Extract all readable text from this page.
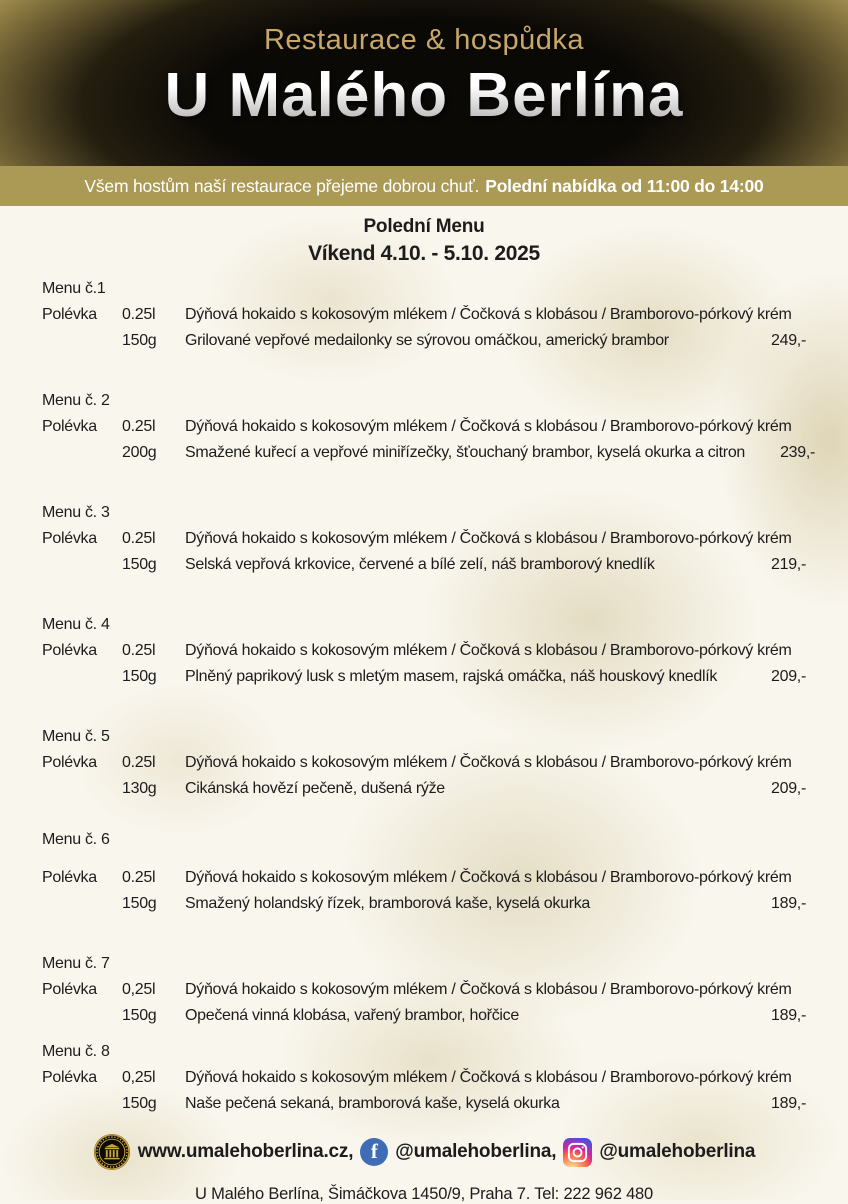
Restaurace & hospůdka
U Malého Berlína
Všem hostům naší restaurace přejeme dobrou chuť. Polední nabídka od 11:00 do 14:00
Polední Menu
Víkend 4.10. - 5.10. 2025
Menu č.1
Polévka	0.25l	Dýňová hokaido s kokosovým mlékem / Čočková s klobásou / Bramborovo-pórkový krém
150g	Grilované vepřové medailonky se sýrovou omáčkou, americký brambor	249,-
Menu č. 2
Polévka	0.25l	Dýňová hokaido s kokosovým mlékem / Čočková s klobásou / Bramborovo-pórkový krém
200g	Smažené kuřecí a vepřové miniřízečky, šťouchaný brambor, kyselá okurka a citron	239,-
Menu č. 3
Polévka	0.25l	Dýňová hokaido s kokosovým mlékem / Čočková s klobásou / Bramborovo-pórkový krém
150g	Selská vepřová krkovice, červené a bílé zelí, náš bramborový knedlík	219,-
Menu č. 4
Polévka	0.25l	Dýňová hokaido s kokosovým mlékem / Čočková s klobásou / Bramborovo-pórkový krém
150g	Plněný paprikový lusk s mletým masem, rajská omáčka, náš houskový knedlík	209,-
Menu č. 5
Polévka	0.25l	Dýňová hokaido s kokosovým mlékem / Čočková s klobásou / Bramborovo-pórkový krém
130g	Cikánská hovězí pečeně, dušená rýže	209,-
Menu č. 6
Polévka	0.25l	Dýňová hokaido s kokosovým mlékem / Čočková s klobásou / Bramborovo-pórkový krém
150g	Smažený holandský řízek, bramborová kaše, kyselá okurka	189,-
Menu č. 7
Polévka	0,25l	Dýňová hokaido s kokosovým mlékem / Čočková s klobásou / Bramborovo-pórkový krém
150g	Opečená vinná klobása, vařený brambor, hořčice	189,-
Menu č. 8
Polévka	0,25l	Dýňová hokaido s kokosovým mlékem / Čočková s klobásou / Bramborovo-pórkový krém
150g	Naše pečená sekaná, bramborová kaše, kyselá okurka	189,-
www.umalehoberlina.cz, f @umalehoberlina, @umalehoberlina
U Malého Berlína, Šimáčkova 1450/9, Praha 7. Tel: 222 962 480
